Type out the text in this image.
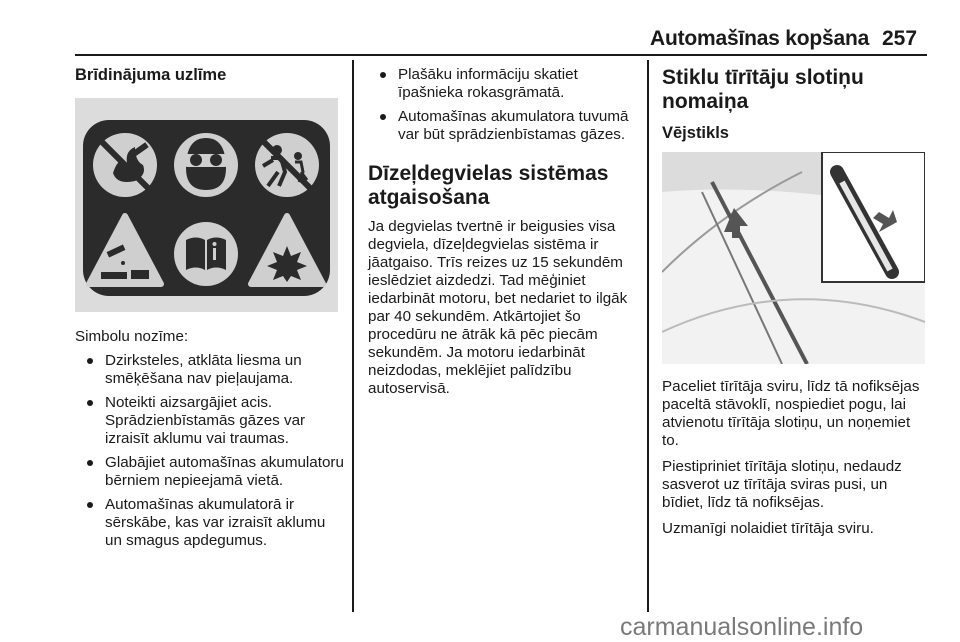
Automašīnas kopšana 257

Brīdinājuma uzlīme

Simbolu nozīme:

Dzirksteles, atklāta liesma un smēķēšana nav pieļaujama.
Noteikti aizsargājiet acis. Sprādzienbīstamās gāzes var izraisīt aklumu vai traumas.
Glabājiet automašīnas akumulatoru bērniem nepieejamā vietā.
Automašīnas akumulatorā ir sērskābe, kas var izraisīt aklumu un smagus apdegumus.
Plašāku informāciju skatiet īpašnieka rokasgrāmatā.
Automašīnas akumulatora tuvumā var būt sprādzienbīstamas gāzes.

Dīzeļdegvielas sistēmas
atgaisošana

Ja degvielas tvertnē ir beigusies visa degviela, dīzeļdegvielas sistēma ir jāatgaiso. Trīs reizes uz 15 sekundēm ieslēdziet aizdedzi. Tad mēģiniet iedarbināt motoru, bet nedariet to ilgāk par 40 sekundēm. Atkārtojiet šo procedūru ne ātrāk kā pēc piecām sekundēm. Ja motoru iedarbināt neizdodas, meklējiet palīdzību autoservisā.

Stiklu tīrītāju slotiņu
nomaiņa

Vējstikls

Paceliet tīrītāja sviru, līdz tā nofiksējas paceltā stāvoklī, nospiediet pogu, lai atvienotu tīrītāja slotiņu, un noņemiet to.

Piestipriniet tīrītāja slotiņu, nedaudz sasverot uz tīrītāja sviras pusi, un bīdiet, līdz tā nofiksējas.

Uzmanīgi nolaidiet tīrītāja sviru.

carmanualsonline.info
